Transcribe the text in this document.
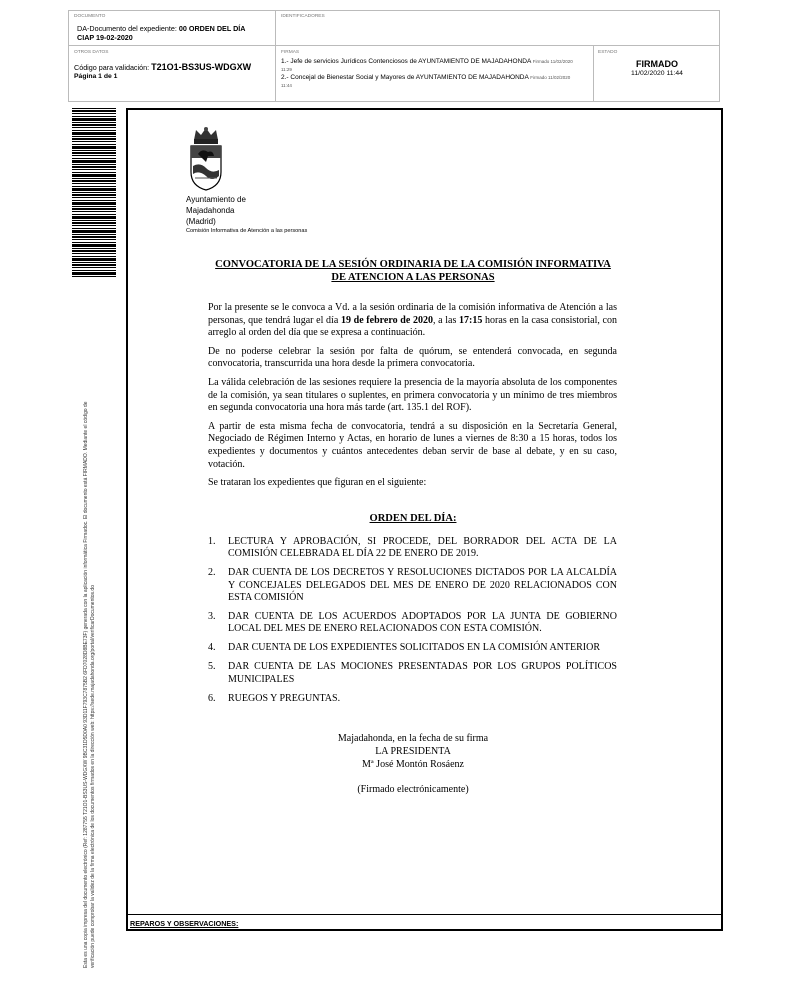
DOCUMENTO
DA-Documento del expediente: 00 ORDEN DEL DÍA
CIAP 19-02-2020
IDENTIFICADORES
OTROS DATOS
Código para validación: T21O1-BS3US-WDGXW
Página 1 de 1
FIRMAS
1.- Jefe de servicios Jurídicos Contenciosos de AYUNTAMIENTO DE MAJADAHONDA Firmado 11/02/2020
11:29
2.- Concejal de Bienestar Social y Mayores de AYUNTAMIENTO DE MAJADAHONDA Firmado 11/02/2020
11:44
ESTADO
FIRMADO
11/02/2020 11:44
Esta es una copia impresa del documento electrónico (Ref: 1287755 T21O1-BS3US-WDGXW 9BC31D5D0A0 93D11F793C7875B2 6FD7028D8BE73F) generada con la aplicación informática Firmadoc. El documento está FIRMADO. Mediante el código de verificación puede comprobar la validez de la firma electrónica de los documentos firmados en la dirección web: https://sede.majadahonda.org/portal/verificarDocumentos.do
Ayuntamiento de
Majadahonda
(Madrid)
Comisión Informativa de Atención a las personas
CONVOCATORIA DE LA SESIÓN ORDINARIA DE LA COMISIÓN INFORMATIVA
DE ATENCION A LAS PERSONAS

Por la presente se le convoca a Vd. a la sesión ordinaria de la comisión informativa de Atención a las personas, que tendrá lugar el día 19 de febrero de 2020, a las 17:15 horas en la casa consistorial, con arreglo al orden del día que se expresa a continuación.

De no poderse celebrar la sesión por falta de quórum, se entenderá convocada, en segunda convocatoria, transcurrida una hora desde la primera convocatoria.

La válida celebración de las sesiones requiere la presencia de la mayoría absoluta de los componentes de la comisión, ya sean titulares o suplentes, en primera convocatoria y un mínimo de tres miembros en segunda convocatoria una hora más tarde (art. 135.1 del ROF).

A partir de esta misma fecha de convocatoria, tendrá a su disposición en la Secretaría General, Negociado de Régimen Interno y Actas, en horario de lunes a viernes de 8:30 a 15 horas, todos los expedientes y documentos y cuántos antecedentes deban servir de base al debate, y en su caso, votación.

Se trataran los expedientes que figuran en el siguiente:

ORDEN DEL DÍA:
1.	LECTURA Y APROBACIÓN, SI PROCEDE, DEL BORRADOR DEL ACTA DE LA COMISIÓN CELEBRADA EL DÍA 22 DE ENERO DE 2019.
2.	DAR CUENTA DE LOS DECRETOS Y RESOLUCIONES DICTADOS POR LA ALCALDÍA Y CONCEJALES DELEGADOS DEL MES DE ENERO DE 2020 RELACIONADOS CON ESTA COMISIÓN
3.	DAR CUENTA DE LOS ACUERDOS ADOPTADOS POR LA JUNTA DE GOBIERNO LOCAL DEL MES DE ENERO RELACIONADOS CON ESTA COMISIÓN.
4.	DAR CUENTA DE LOS EXPEDIENTES SOLICITADOS EN LA COMISIÓN ANTERIOR
5.	DAR CUENTA DE LAS MOCIONES PRESENTADAS POR LOS GRUPOS POLÍTICOS MUNICIPALES
6.	RUEGOS Y PREGUNTAS.
Majadahonda, en la fecha de su firma
LA PRESIDENTA
Mª José Montón Rosáenz
(Firmado electrónicamente)
REPAROS Y OBSERVACIONES:
